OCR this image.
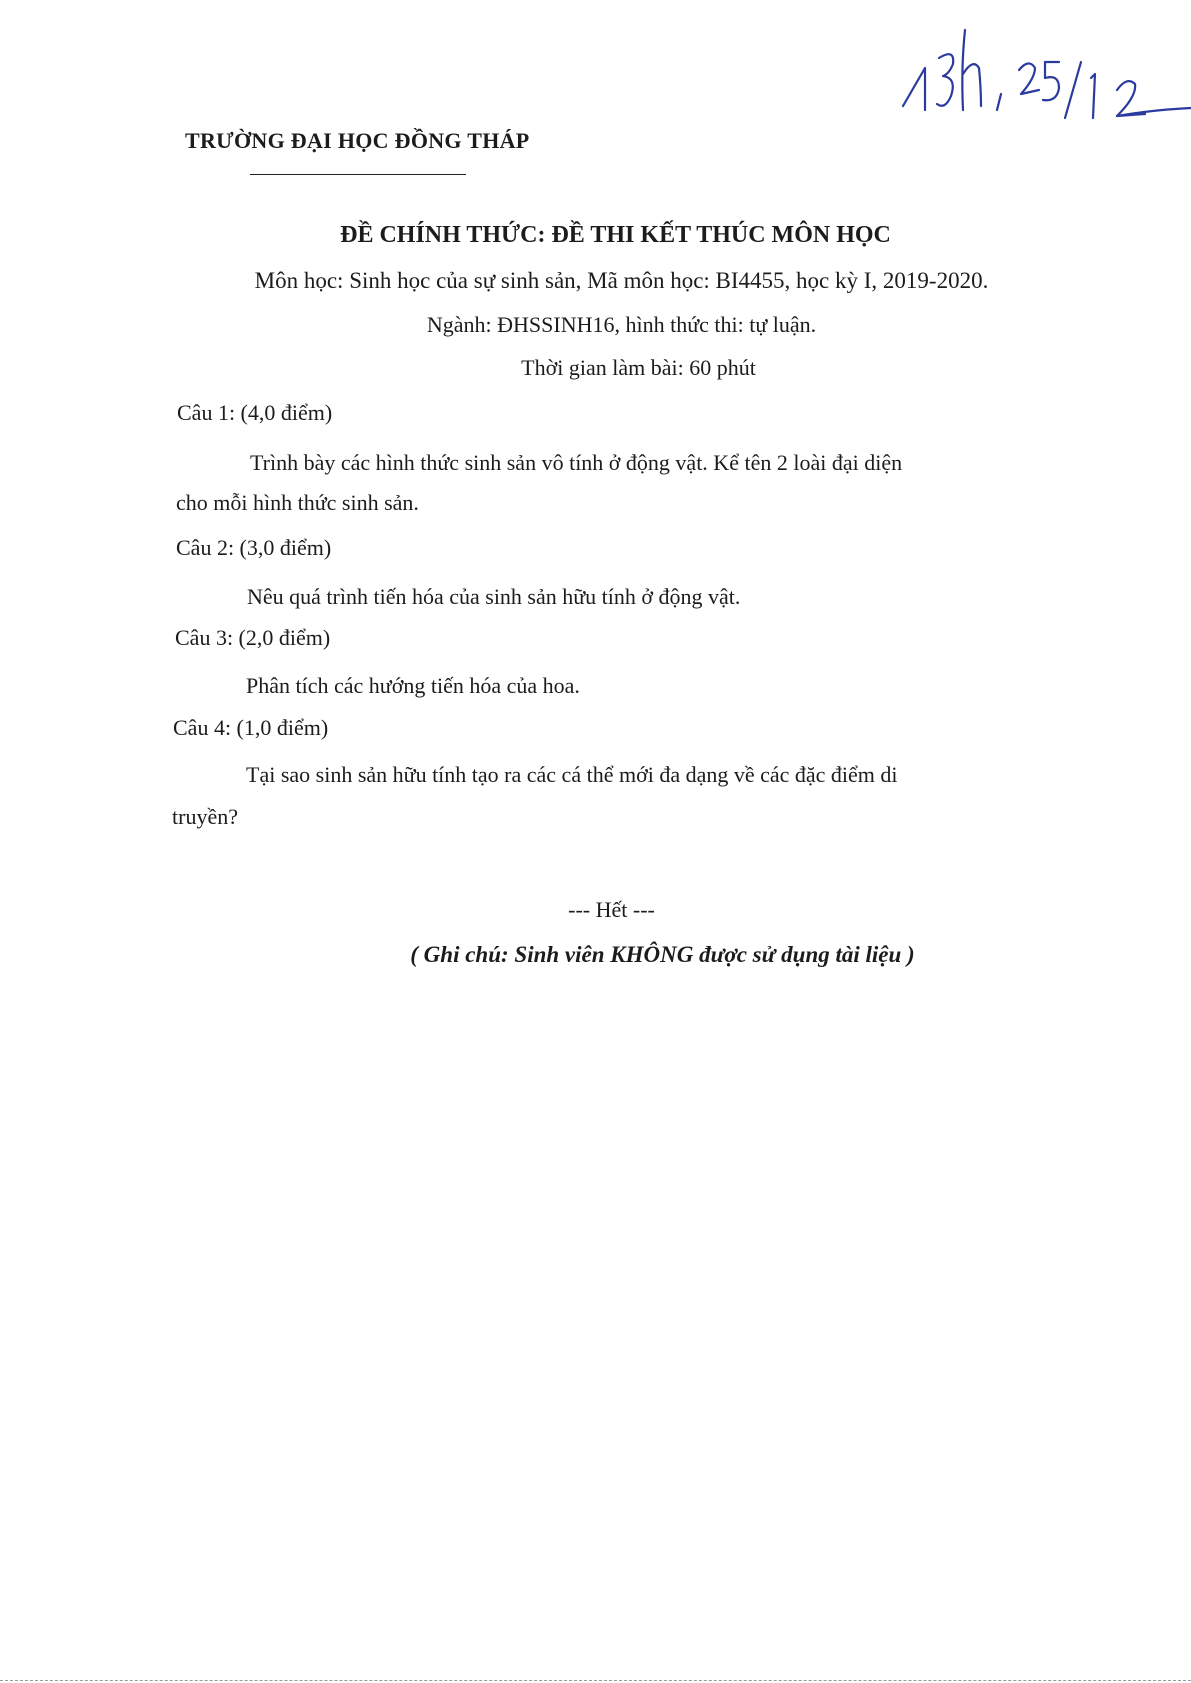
TRƯỜNG ĐẠI HỌC ĐỒNG THÁP
ĐỀ CHÍNH THỨC: ĐỀ THI KẾT THÚC MÔN HỌC
Môn học: Sinh học của sự sinh sản, Mã môn học: BI4455, học kỳ I, 2019-2020.
Ngành: ĐHSSINH16, hình thức thi: tự luận.
Thời gian làm bài: 60 phút
Câu 1: (4,0 điểm)
Trình bày các hình thức sinh sản vô tính ở động vật. Kể tên 2 loài đại diện
cho mỗi hình thức sinh sản.
Câu 2: (3,0 điểm)
Nêu quá trình tiến hóa của sinh sản hữu tính ở động vật.
Câu 3: (2,0 điểm)
Phân tích các hướng tiến hóa của hoa.
Câu 4: (1,0 điểm)
Tại sao sinh sản hữu tính tạo ra các cá thể mới đa dạng về các đặc điểm di
truyền?
--- Hết ---
( Ghi chú: Sinh viên KHÔNG được sử dụng tài liệu )
